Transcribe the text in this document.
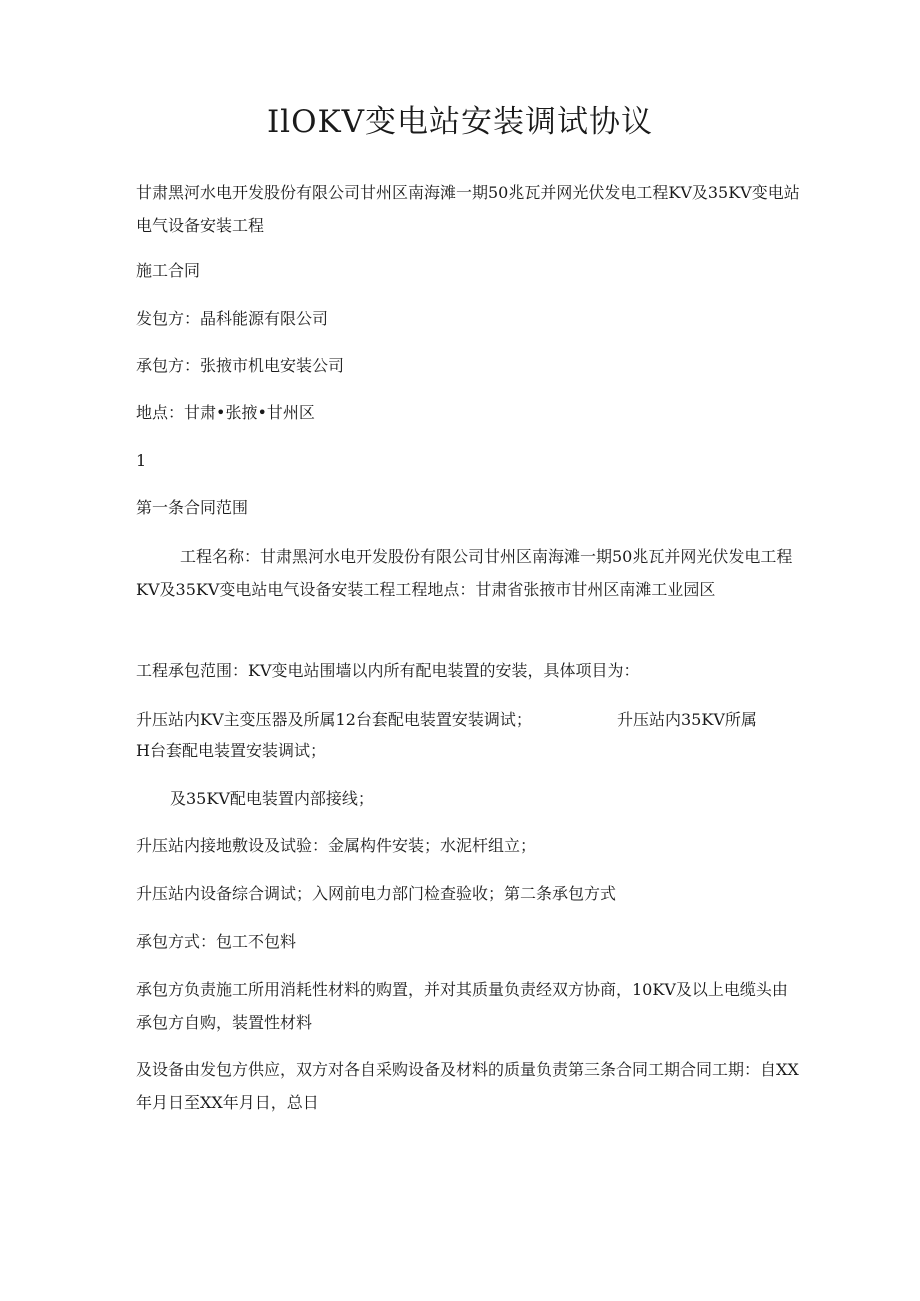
IlOKV变电站安装调试协议

甘肃黑河水电开发股份有限公司甘州区南海滩一期50兆瓦并网光伏发电工程KV及35KV变电站电气设备安装工程

施工合同

发包方：晶科能源有限公司

承包方：张掖市机电安装公司

地点：甘肃•张掖•甘州区

1

第一条合同范围

工程名称：甘肃黑河水电开发股份有限公司甘州区南海滩一期50兆瓦并网光伏发电工程KV及35KV变电站电气设备安装工程工程地点：甘肃省张掖市甘州区南滩工业园区

工程承包范围：KV变电站围墙以内所有配电装置的安装，具体项目为：

升压站内KV主变压器及所属12台套配电装置安装调试；	升压站内35KV所属

H台套配电装置安装调试；

及35KV配电装置内部接线；

升压站内接地敷设及试验：金属构件安装；水泥杆组立；

升压站内设备综合调试；入网前电力部门检查验收；第二条承包方式

承包方式：包工不包料

承包方负责施工所用消耗性材料的购置，并对其质量负责经双方协商，10KV及以上电缆头由承包方自购，装置性材料

及设备由发包方供应，双方对各自采购设备及材料的质量负责第三条合同工期合同工期：自XX年月日至XX年月日，总日
